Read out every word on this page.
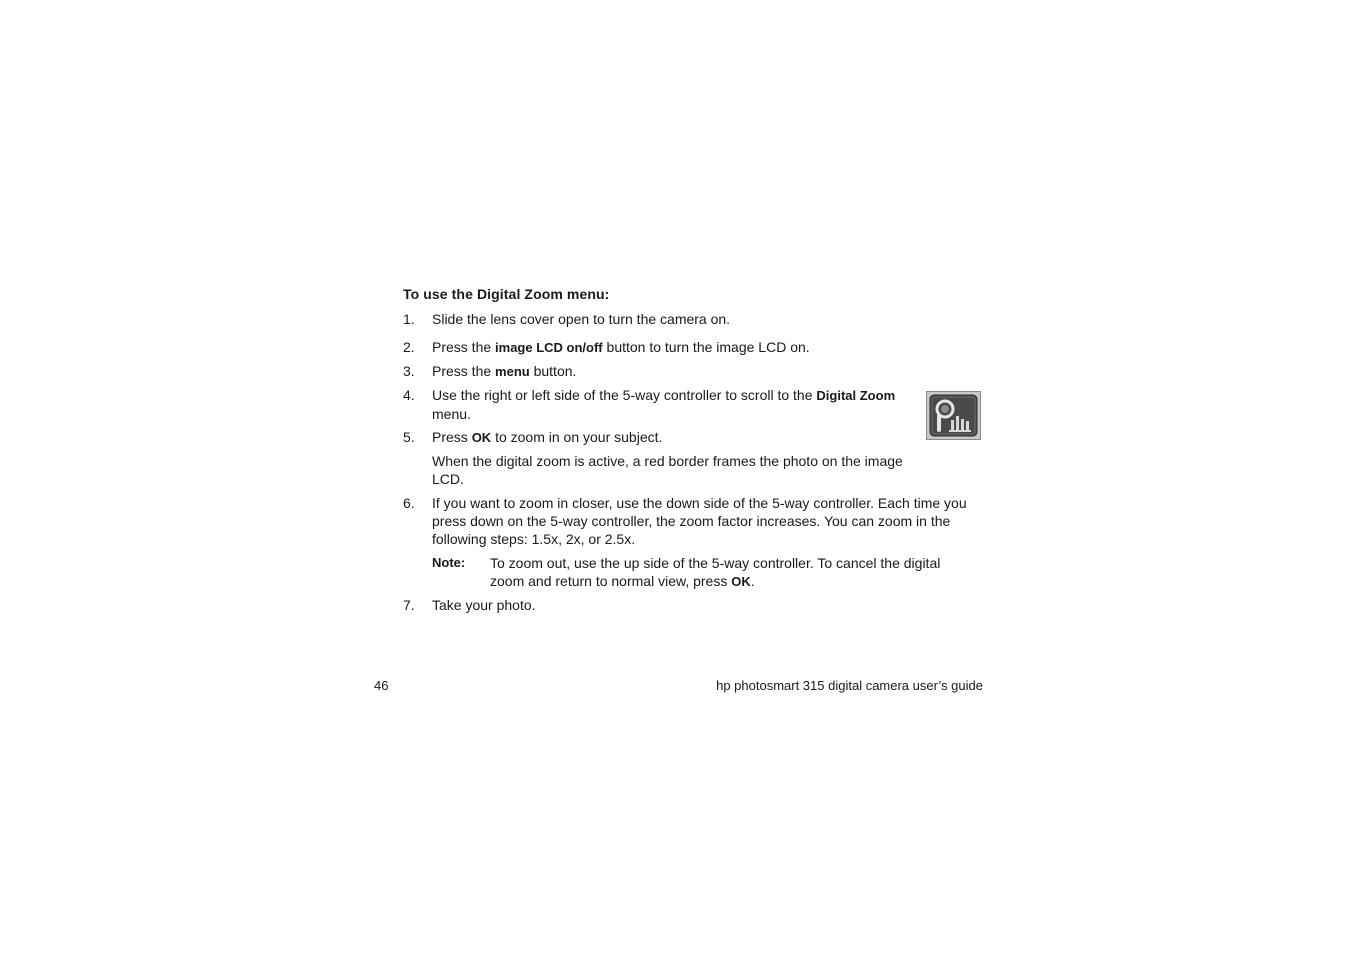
To use the Digital Zoom menu:
1.	Slide the lens cover open to turn the camera on.
2.	Press the image LCD on/off button to turn the image LCD on.
3.	Press the menu button.
4.	Use the right or left side of the 5-way controller to scroll to the Digital Zoom menu.
5.	Press OK to zoom in on your subject.
When the digital zoom is active, a red border frames the photo on the image LCD.
6.	If you want to zoom in closer, use the down side of the 5-way controller. Each time you press down on the 5-way controller, the zoom factor increases. You can zoom in the following steps: 1.5x, 2x, or 2.5x.
Note: To zoom out, use the up side of the 5-way controller. To cancel the digital zoom and return to normal view, press OK.
7.	Take your photo.
46	hp photosmart 315 digital camera user’s guide
